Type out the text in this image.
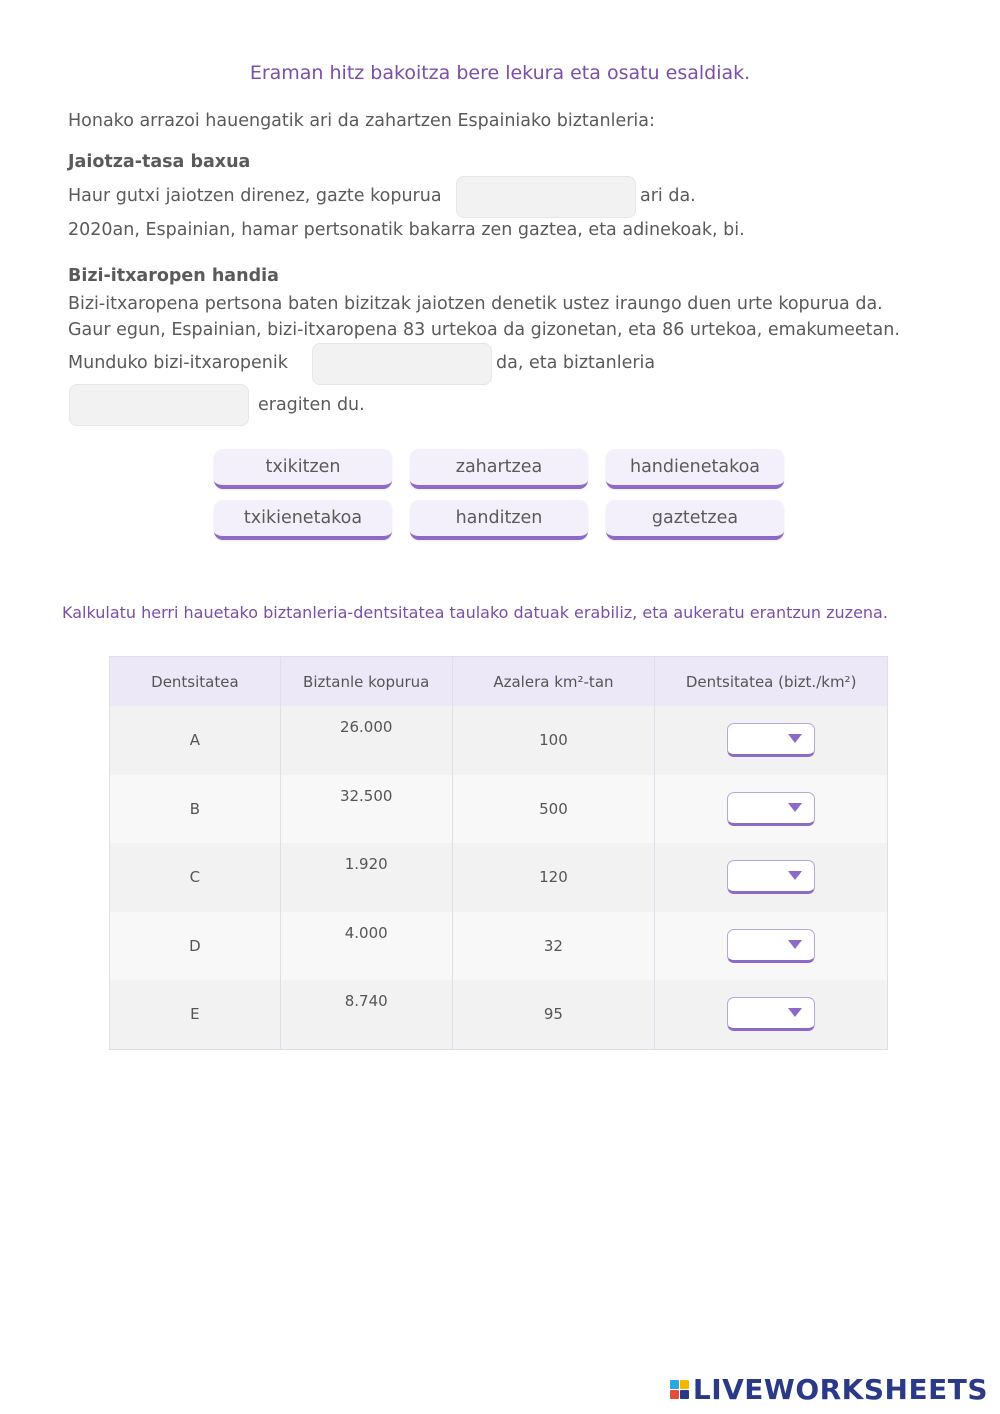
Eraman hitz bakoitza bere lekura eta osatu esaldiak.
Honako arrazoi hauengatik ari da zahartzen Espainiako biztanleria:
Jaiotza-tasa baxua
Haur gutxi jaiotzen direnez, gazte kopurua	ari da.
2020an, Espainian, hamar pertsonatik bakarra zen gaztea, eta adinekoak, bi.
Bizi-itxaropen handia
Bizi-itxaropena pertsona baten bizitzak jaiotzen denetik ustez iraungo duen urte kopurua da.
Gaur egun, Espainian, bizi-itxaropena 83 urtekoa da gizonetan, eta 86 urtekoa, emakumeetan.
Munduko bizi-itxaropenik	da, eta biztanleria
eragiten du.
txikitzen	zahartzea	handienetakoa
txikienetakoa	handitzen	gaztetzea
Kalkulatu herri hauetako biztanleria-dentsitatea taulako datuak erabiliz, eta aukeratu erantzun zuzena.
Dentsitatea	Biztanle kopurua	Azalera km²-tan	Dentsitatea (bizt./km²)
A	26.000	100	

B	32.500	500	

C	1.920	120	

D	4.000	32	

E	8.740	95	
LIVEWORKSHEETS
